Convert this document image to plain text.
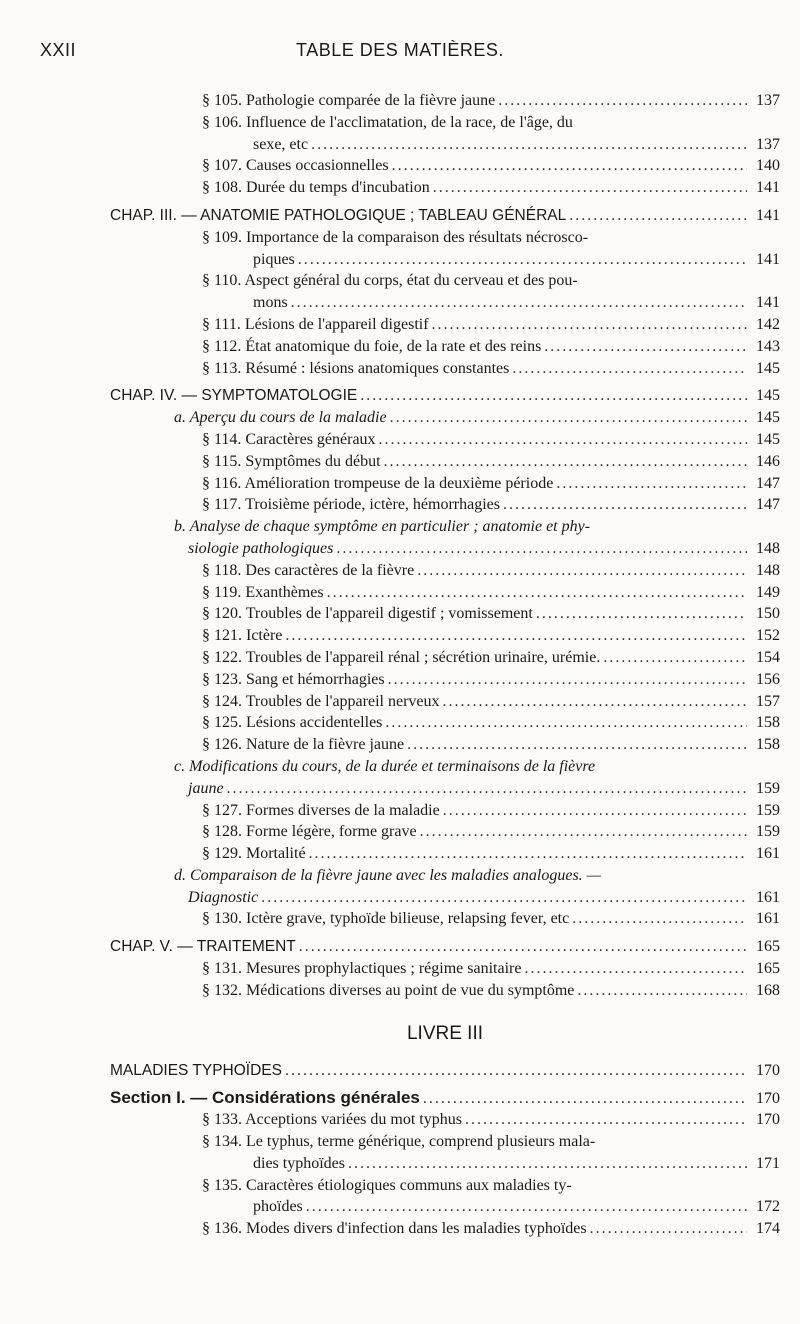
XXII	TABLE DES MATIÈRES.
§ 105. Pathologie comparée de la fièvre jaune .....	137
§ 106. Influence de l'acclimatation, de la race, de l'âge, du
sexe, etc .....	137
§ 107. Causes occasionnelles .....	140
§ 108. Durée du temps d'incubation .....	141
CHAP. III. — ANATOMIE PATHOLOGIQUE ; TABLEAU GÉNÉRAL .....	141
§ 109. Importance de la comparaison des résultats nécrosco-
piques .....	141
§ 110. Aspect général du corps, état du cerveau et des pou-
mons .....	141
§ 111. Lésions de l'appareil digestif .....	142
§ 112. État anatomique du foie, de la rate et des reins .....	143
§ 113. Résumé : lésions anatomiques constantes .....	145
CHAP. IV. — SYMPTOMATOLOGIE .....	145
a. Aperçu du cours de la maladie .....	145
§ 114. Caractères généraux .....	145
§ 115. Symptômes du début .....	146
§ 116. Amélioration trompeuse de la deuxième période .....	147
§ 117. Troisième période, ictère, hémorrhagies .....	147
b. Analyse de chaque symptôme en particulier ; anatomie et phy-
siologie pathologiques .....	148
§ 118. Des caractères de la fièvre .....	148
§ 119. Exanthèmes .....	149
§ 120. Troubles de l'appareil digestif ; vomissement .....	150
§ 121. Ictère .....	152
§ 122. Troubles de l'appareil rénal ; sécrétion urinaire, urémie. .....	154
§ 123. Sang et hémorrhagies .....	156
§ 124. Troubles de l'appareil nerveux .....	157
§ 125. Lésions accidentelles .....	158
§ 126. Nature de la fièvre jaune .....	158
c. Modifications du cours, de la durée et terminaisons de la fièvre
jaune .....	159
§ 127. Formes diverses de la maladie .....	159
§ 128. Forme légère, forme grave .....	159
§ 129. Mortalité .....	161
d. Comparaison de la fièvre jaune avec les maladies analogues. —
Diagnostic .....	161
§ 130. Ictère grave, typhoïde bilieuse, relapsing fever, etc .....	161
CHAP. V. — TRAITEMENT .....	165
§ 131. Mesures prophylactiques ; régime sanitaire .....	165
§ 132. Médications diverses au point de vue du symptôme .....	168
LIVRE III
MALADIES TYPHOÏDES .....	170
Section I. — Considérations générales .....	170
§ 133. Acceptions variées du mot typhus .....	170
§ 134. Le typhus, terme générique, comprend plusieurs mala-
dies typhoïdes .....	171
§ 135. Caractères étiologiques communs aux maladies ty-
phoïdes .....	172
§ 136. Modes divers d'infection dans les maladies typhoïdes .....	174
